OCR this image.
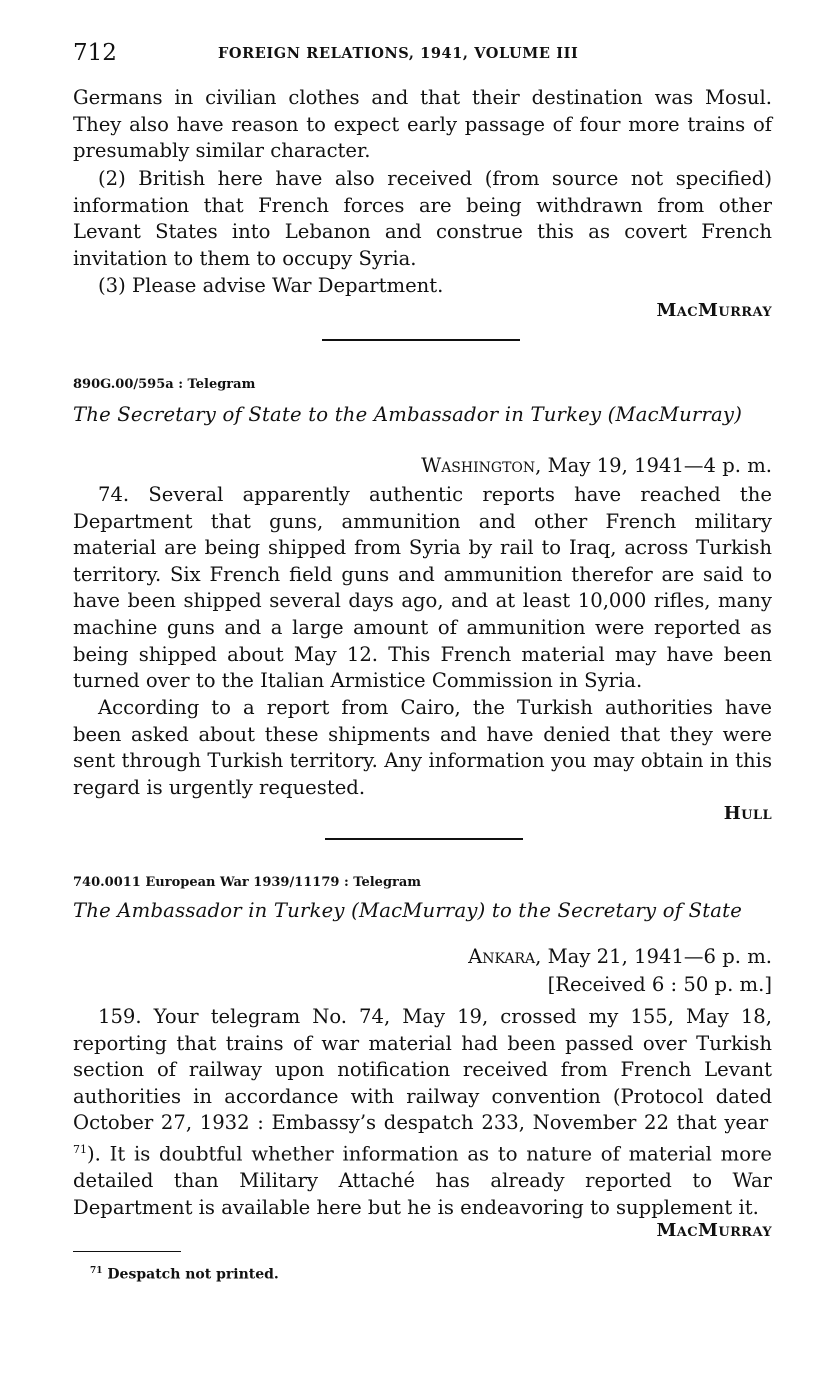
712	FOREIGN RELATIONS, 1941, VOLUME III
Germans in civilian clothes and that their destination was Mosul. They also have reason to expect early passage of four more trains of presumably similar character.
(2) British here have also received (from source not specified) information that French forces are being withdrawn from other Levant States into Lebanon and construe this as covert French invitation to them to occupy Syria.
(3) Please advise War Department.
MacMurray
890G.00/595a : Telegram
The Secretary of State to the Ambassador in Turkey (MacMurray)
Washington, May 19, 1941—4 p. m.
74. Several apparently authentic reports have reached the Department that guns, ammunition and other French military material are being shipped from Syria by rail to Iraq, across Turkish territory. Six French field guns and ammunition therefor are said to have been shipped several days ago, and at least 10,000 rifles, many machine guns and a large amount of ammunition were reported as being shipped about May 12. This French material may have been turned over to the Italian Armistice Commission in Syria.
According to a report from Cairo, the Turkish authorities have been asked about these shipments and have denied that they were sent through Turkish territory. Any information you may obtain in this regard is urgently requested.
Hull
740.0011 European War 1939/11179 : Telegram
The Ambassador in Turkey (MacMurray) to the Secretary of State
Ankara, May 21, 1941—6 p. m.
[Received 6 : 50 p. m.]
159. Your telegram No. 74, May 19, crossed my 155, May 18, reporting that trains of war material had been passed over Turkish section of railway upon notification received from French Levant authorities in accordance with railway convention (Protocol dated October 27, 1932 : Embassy’s despatch 233, November 22 that year $^{71}$). It is doubtful whether information as to nature of material more detailed than Military Attaché has already reported to War Department is available here but he is endeavoring to supplement it.
MacMurray
$^{71}$ Despatch not printed.
